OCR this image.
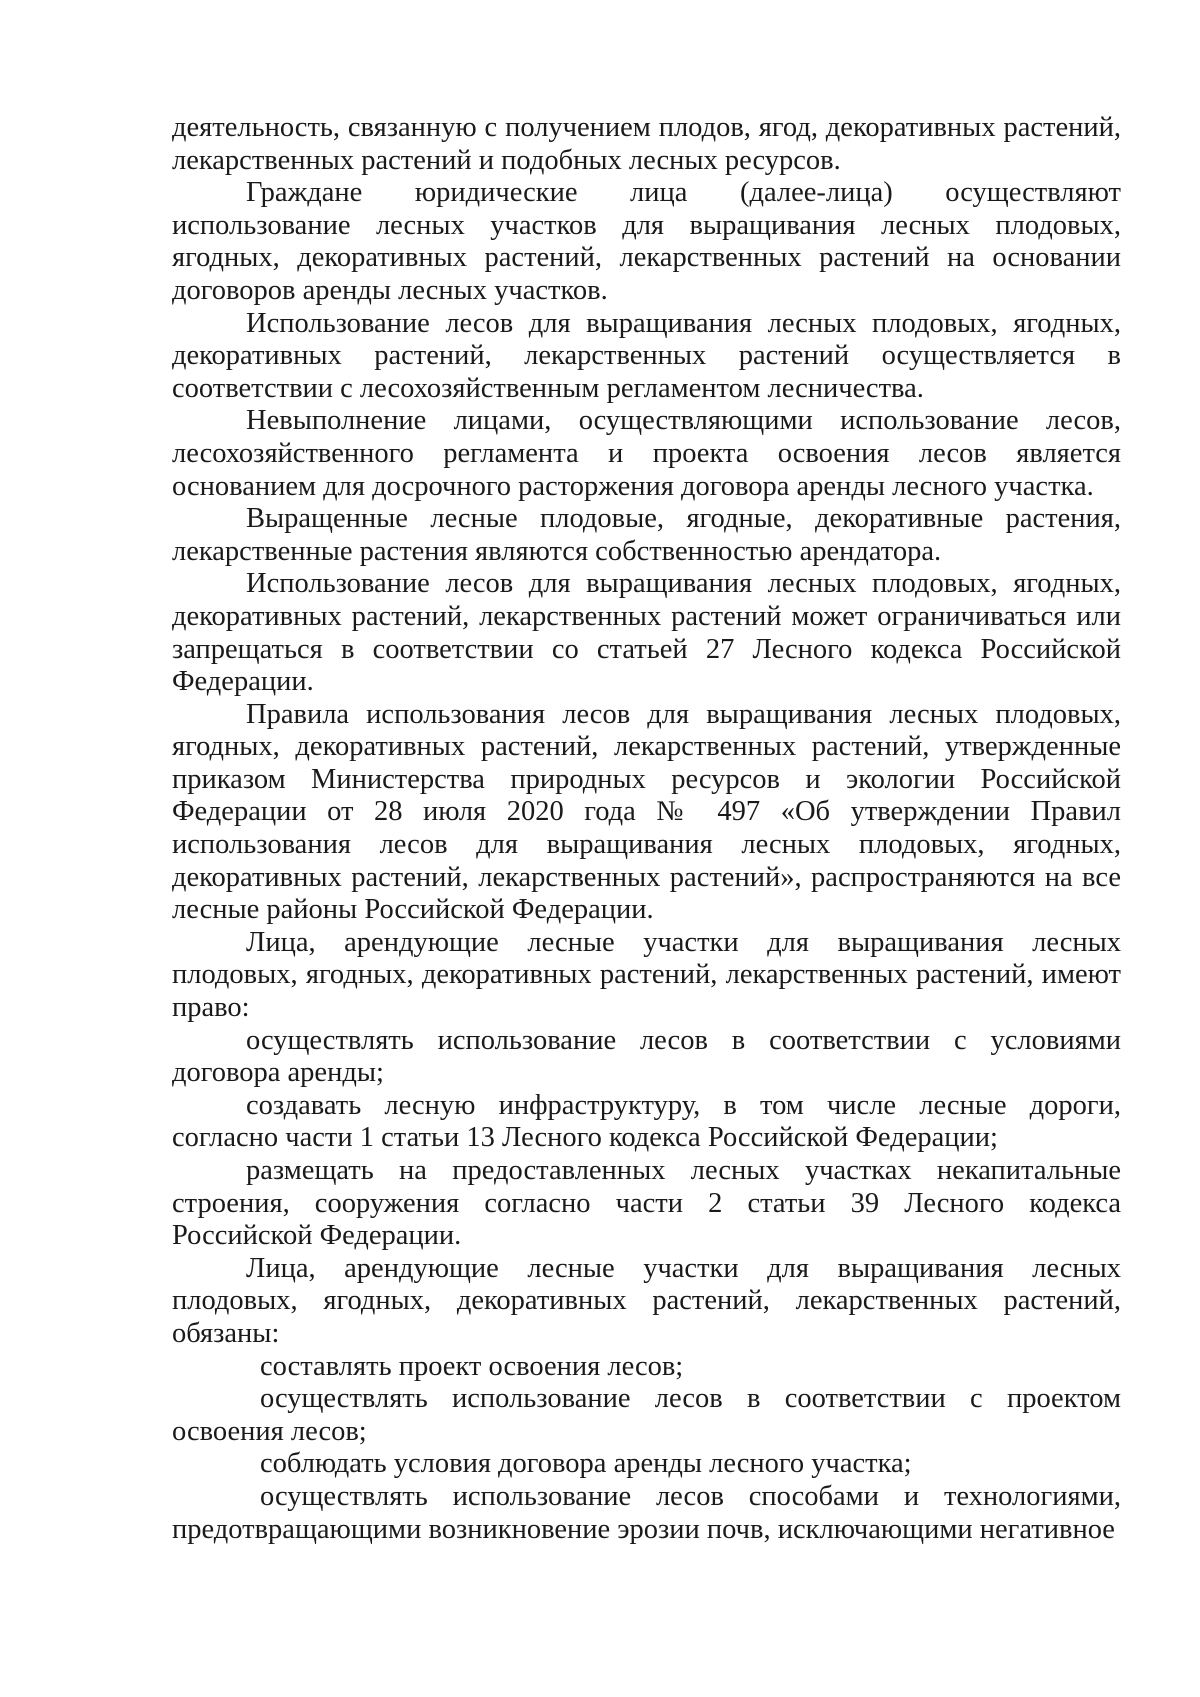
деятельность, связанную с получением плодов, ягод, декоративных растений, лекарственных растений и подобных лесных ресурсов.

Граждане юридические лица (далее-лица) осуществляют использование лесных участков для выращивания лесных плодовых, ягодных, декоративных растений, лекарственных растений на основании договоров аренды лесных участков.

Использование лесов для выращивания лесных плодовых, ягодных, декоративных растений, лекарственных растений осуществляется в соответствии с лесохозяйственным регламентом лесничества.

Невыполнение лицами, осуществляющими использование лесов, лесохозяйственного регламента и проекта освоения лесов является основанием для досрочного расторжения договора аренды лесного участка.

Выращенные лесные плодовые, ягодные, декоративные растения, лекарственные растения являются собственностью арендатора.

Использование лесов для выращивания лесных плодовых, ягодных, декоративных растений, лекарственных растений может ограничиваться или запрещаться в соответствии со статьей 27 Лесного кодекса Российской Федерации.

Правила использования лесов для выращивания лесных плодовых, ягодных, декоративных растений, лекарственных растений, утвержденные приказом Министерства природных ресурсов и экологии Российской Федерации от 28 июля 2020 года № 497 «Об утверждении Правил использования лесов для выращивания лесных плодовых, ягодных, декоративных растений, лекарственных растений», распространяются на все лесные районы Российской Федерации.

Лица, арендующие лесные участки для выращивания лесных плодовых, ягодных, декоративных растений, лекарственных растений, имеют право:

осуществлять использование лесов в соответствии с условиями договора аренды;

создавать лесную инфраструктуру, в том числе лесные дороги, согласно части 1 статьи 13 Лесного кодекса Российской Федерации;

размещать на предоставленных лесных участках некапитальные строения, сооружения согласно части 2 статьи 39 Лесного кодекса Российской Федерации.

Лица, арендующие лесные участки для выращивания лесных плодовых, ягодных, декоративных растений, лекарственных растений, обязаны:

составлять проект освоения лесов;

осуществлять использование лесов в соответствии с проектом освоения лесов;

соблюдать условия договора аренды лесного участка;

осуществлять использование лесов способами и технологиями, предотвращающими возникновение эрозии почв, исключающими негативное
